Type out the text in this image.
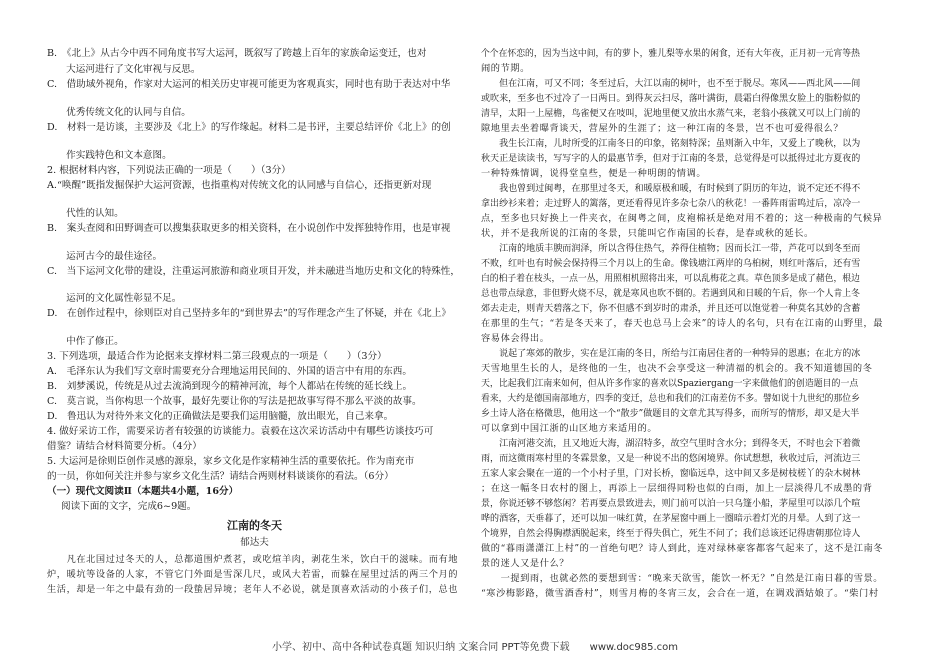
B.　《北上》从古今中西不同角度书写大运河，既叙写了跨越上百年的家族命运变迁，也对
　　大运河进行了文化审视与反思。
C.　借助域外视角，作家对大运河的相关历史审视可能更为客观真实，同时也有助于表达对中华
　　优秀传统文化的认同与自信。
D.　材料一是访谈，主要涉及《北上》的写作缘起。材料二是书评，主要总结评价《北上》的创
　　作实践特色和文本意图。
2. 根据材料内容，下列说法正确的一项是（　　）（3分）
A.“唤醒”既指发掘保护大运河资源，也指重构对传统文化的认同感与自信心，还指更新对现
　　代性的认知。
B.　案头查阅和田野调查可以搜集获取更多的相关资料，在小说创作中发挥独特作用，也是审视
　　运河古今的最佳途径。
C.　当下运河文化带的建设，注重运河旅游和商业项目开发，并未融进当地历史和文化的特殊性，
　　运河的文化属性彰显不足。
D.　在创作过程中，徐则臣对自己坚持多年的“到世界去”的写作理念产生了怀疑，并在《北上》
　　中作了修正。
3. 下列选项，最适合作为论据来支撑材料二第三段观点的一项是（　　）（3分）
A.　毛泽东认为我们写文章时需要充分合理地运用民间的、外国的语言中有用的东西。
B.　刘梦溪说，传统是从过去流淌到现今的精神河流，每个人都站在传统的延长线上。
C.　莫言说，当你构思一个故事，最好先要让你的写法是把故事写得不那么平淡的故事。
D.　鲁迅认为对待外来文化的正确做法是要我们运用脑髓，放出眼光，自己来拿。
4. 做好采访工作，需要采访者有较强的访谈能力。袁毅在这次采访活动中有哪些访谈技巧可
借鉴？请结合材料简要分析。（4分）
5. 大运河是徐则臣创作灵感的源泉，家乡文化是作家精神生活的重要依托。作为南充市
的一员，你如何关注并参与家乡文化生活？请结合两则材料谈谈你的看法。（6分）
（一）现代文阅读Ⅱ（本题共4小题，16分）
阅读下面的文字，完成6~9题。
江南的冬天
郁达夫
　　凡在北国过过冬天的人，总都道围炉煮茗，或吃煊羊肉，剥花生米，饮白干的滋味。而有地
炉，暖坑等设备的人家，不管它门外面是雪深几尺，或风大若雷，而躲在屋里过活的两三个月的
生活，却是一年之中最有劲的一段蛰居异境；老年人不必说，就是顶喜欢活动的小孩子们，总也
个个在怀恋的，因为当这中间，有的萝卜，雅儿梨等水果的闲食，还有大年夜，正月初一元宵等热
闹的节期。
　　但在江南，可又不同；冬至过后，大江以南的树叶，也不至于脱尽。寒风——西北风——间
或吹来，至多也不过冷了一日两日。到得灰云扫尽，落叶满街，晨霜白得像黑女脸上的脂粉似的
清早，太阳一上屋檐，鸟雀便又在吱叫，泥地里便又放出水蒸气来，老翁小孩就又可以上门前的
隙地里去坐着曝背谈天，营屋外的生涯了；这一种江南的冬景，岂不也可爱得很么？
　　我生长江南，儿时所受的江南冬日的印象，铭刻特深；虽则渐入中年，又爱上了晚秋，以为
秋天正是读读书，写写字的人的最惠节季，但对于江南的冬景，总觉得是可以抵得过北方夏夜的
一种特殊情调，说得堂皇些，便是一种明朗的情调。
　　我也曾到过闽粤，在那里过冬天，和暖原极和暖，有时候到了阴历的年边，说不定还不得不
拿出纱衫来着；走过野人的篱落，更还看得见许多杂七杂八的秋花！一番阵雨雷鸣过后，凉冷一
点，至多也只好换上一件夹衣，在闽粤之间，皮袍棉袄是绝对用不着的；这一种极南的气候异
状，并不是我所说的江南的冬景，只能叫它作南国的长春，是春或秋的延长。
　　江南的地质丰腴而润泽，所以含得住热气，养得住植物；因而长江一带，芦花可以到冬至而
不败，红叶也有时候会保持得三个月以上的生命。像钱塘江两岸的乌桕树，则红叶落后，还有雪
白的桕子着在枝头，一点一丛，用照相机照将出来，可以乱梅花之真。草色顶多是成了赭色，根边
总也带点绿意，非但野火烧不尽，就是寒风也吹不倒的。若遇到风和日暖的午后，你一个人肯上冬
郊去走走，则青天碧落之下，你不但感不到岁时的肃杀，并且还可以饱觉着一种莫名其妙的含蓄
在那里的生气；“若是冬天来了，春天也总马上会来”的诗人的名句，只有在江南的山野里，最
容易体会得出。
　　说起了寒郊的散步，实在是江南的冬日，所给与江南居住者的一种特异的恩惠；在北方的冰
天雪地里生长的人，是终他的一生，也决不会享受这一种清福的机会的。我不知道德国的冬
天，比起我们江南来如何，但从许多作家的喜欢以Spaziergang一字来做他们的创造题目的一点
看来，大约是德国南部地方，四季的变迁，总也和我们的江南差仿不多。譬如说十九世纪的那位乡
乡土诗人洛在格微思，他用这一个“散步”做题目的文章尤其写得多，而所写的情形，却又是大半
可以拿到中国江浙的山区地方来适用的。
　　江南河港交流，且又地近大海，湖沼特多，故空气里时含水分；到得冬天，不时也会下着微
雨，而这微雨寒村里的冬霖景象，又是一种说不出的悠闲境界。你试想想，秋收过后，河流边三
五家人家会聚在一道的一个小村子里，门对长桥，窗临远阜，这中间又多是树枝槎丫的杂木树林
；在这一幅冬日农村的图上，再添上一层细得同粉也似的白雨，加上一层淡得几不成墨的背
景，你说还够不够悠闲？若再要点景致进去，则门前可以泊一只乌篷小船，茅屋里可以添几个喧
哗的酒客，天垂暮了，还可以加一味红黄，在茅屋窗中画上一圈暗示着灯光的月晕。人到了这一
个境界，自然会得胸襟洒脱起来，终至于得失俱亡，死生不问了；我们总该还记得唐朝那位诗人
做的“暮雨潇潇江上村”的一首绝句吧？诗人到此，连对绿林豪客都客气起来了，这不是江南冬
景的迷人又是什么？
　　一提到雨，也就必然的要想到雪：“晚来天欲雪，能饮一杯无？”自然是江南日暮的雪景。
“寒沙梅影路，微雪酒香村”，则雪月梅的冬宵三友，会合在一道，在调戏酒姑娘了。“柴门村
小学、初中、高中各种试卷真题 知识归纳 文案合同 PPT等免费下载　　www.doc985.com
